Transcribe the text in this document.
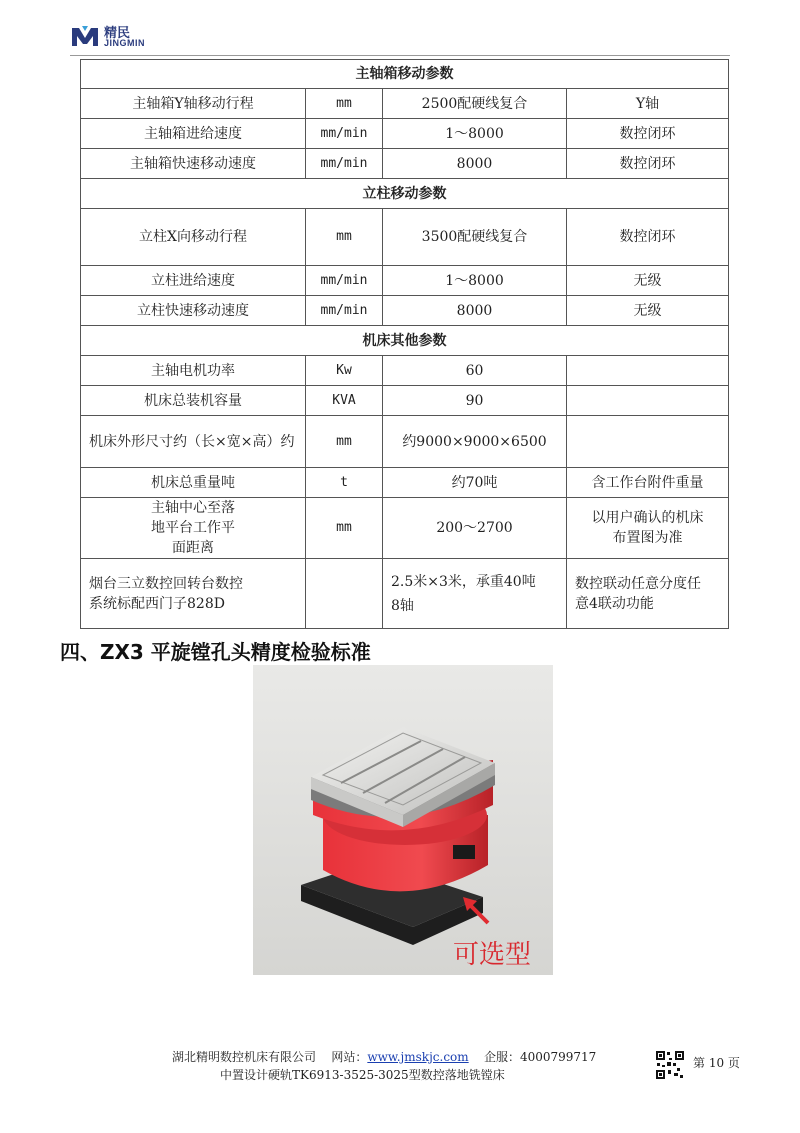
精民
JINGMIN
主轴箱移动参数			
主轴箱Y轴移动行程	mm	2500配硬线复合	Y轴
主轴箱进给速度	mm/min	1～8000	数控闭环
主轴箱快速移动速度	mm/min	8000	数控闭环
立柱移动参数			
立柱X向移动行程	mm	3500配硬线复合	数控闭环
立柱进给速度	mm/min	1～8000	无级
立柱快速移动速度	mm/min	8000	无级
机床其他参数			
主轴电机功率	Kw	60	
机床总装机容量	KVA	90	
机床外形尺寸约（长×宽×高）约	mm	约9000×9000×6500	
机床总重量吨	t	约70吨	含工作台附件重量
主轴中心至落地平台工作平面距离	mm	200～2700	以用户确认的机床布置图为准
烟台三立数控回转台数控系统标配西门子828D		2.5米×3米，承重40吨 8轴	数控联动任意分度任意4联动功能
四、ZX3 平旋镗孔头精度检验标准
可选型
湖北精明数控机床有限公司 网站：www.jmskjc.com 企服：4000799717
中置设计硬轨TK6913-3525-3025型数控落地铣镗床
第 10 页
